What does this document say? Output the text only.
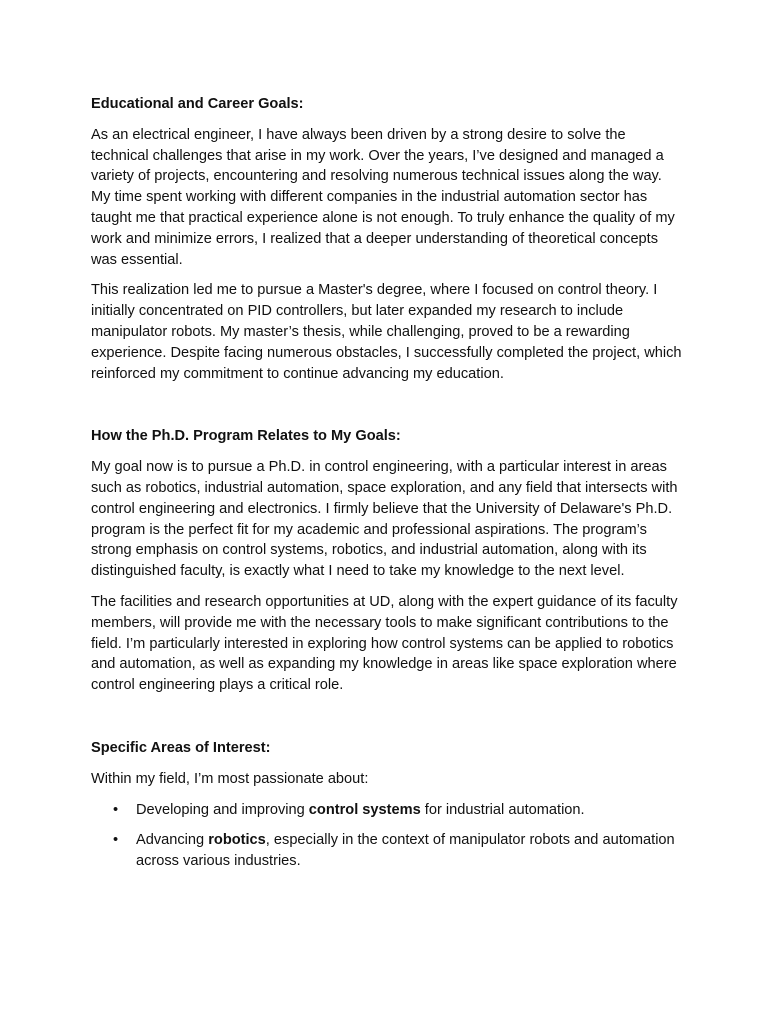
Educational and Career Goals:

As an electrical engineer, I have always been driven by a strong desire to solve the technical challenges that arise in my work. Over the years, I’ve designed and managed a variety of projects, encountering and resolving numerous technical issues along the way. My time spent working with different companies in the industrial automation sector has taught me that practical experience alone is not enough. To truly enhance the quality of my work and minimize errors, I realized that a deeper understanding of theoretical concepts was essential.

This realization led me to pursue a Master's degree, where I focused on control theory. I initially concentrated on PID controllers, but later expanded my research to include manipulator robots. My master’s thesis, while challenging, proved to be a rewarding experience. Despite facing numerous obstacles, I successfully completed the project, which reinforced my commitment to continue advancing my education.

How the Ph.D. Program Relates to My Goals:

My goal now is to pursue a Ph.D. in control engineering, with a particular interest in areas such as robotics, industrial automation, space exploration, and any field that intersects with control engineering and electronics. I firmly believe that the University of Delaware's Ph.D. program is the perfect fit for my academic and professional aspirations. The program’s strong emphasis on control systems, robotics, and industrial automation, along with its distinguished faculty, is exactly what I need to take my knowledge to the next level.

The facilities and research opportunities at UD, along with the expert guidance of its faculty members, will provide me with the necessary tools to make significant contributions to the field. I’m particularly interested in exploring how control systems can be applied to robotics and automation, as well as expanding my knowledge in areas like space exploration where control engineering plays a critical role.

Specific Areas of Interest:

Within my field, I’m most passionate about:

• Developing and improving control systems for industrial automation.
• Advancing robotics, especially in the context of manipulator robots and automation across various industries.
